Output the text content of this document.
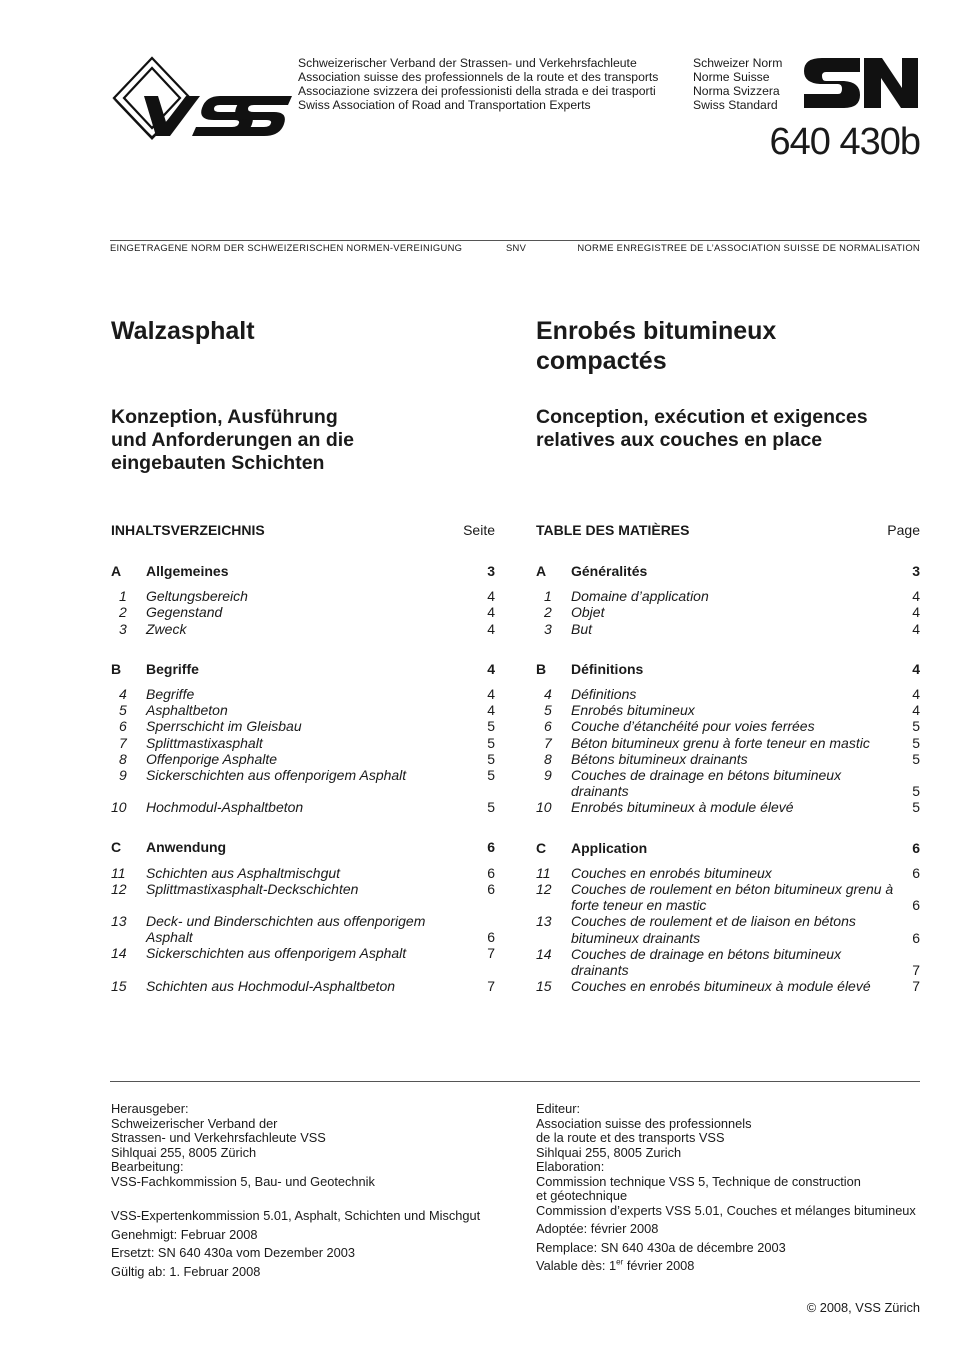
Schweizerischer Verband der Strassen- und Verkehrsfachleute
Association suisse des professionnels de la route et des transports
Associazione svizzera dei professionisti della strada e dei trasporti
Swiss Association of Road and Transportation Experts
Schweizer Norm
Norme Suisse
Norma Svizzera
Swiss Standard
640 430b
EINGETRAGENE NORM DER SCHWEIZERISCHEN NORMEN-VEREINIGUNG	SNV	NORME ENREGISTREE DE L’ASSOCIATION SUISSE DE NORMALISATION
Walzasphalt
Konzeption, Ausführung
und Anforderungen an die
eingebauten Schichten
Enrobés bitumineux
compactés
Conception, exécution et exigences
relatives aux couches en place
INHALTSVERZEICHNIS	Seite
A	Allgemeines	3
1	Geltungsbereich	4
2	Gegenstand	4
3	Zweck	4
B	Begriffe	4
4	Begriffe	4
5	Asphaltbeton	4
6	Sperrschicht im Gleisbau	5
7	Splittmastixasphalt	5
8	Offenporige Asphalte	5
9	Sickerschichten aus offenporigem Asphalt	5
10	Hochmodul-Asphaltbeton	5
C	Anwendung	6
11	Schichten aus Asphaltmischgut	6
12	Splittmastixasphalt-Deckschichten	6
13	Deck- und Binderschichten aus offenporigem Asphalt	6
14	Sickerschichten aus offenporigem Asphalt	7
15	Schichten aus Hochmodul-Asphaltbeton	7
TABLE DES MATIÈRES	Page
A	Généralités	3
1	Domaine d’application	4
2	Objet	4
3	But	4
B	Définitions	4
4	Définitions	4
5	Enrobés bitumineux	4
6	Couche d’étanchéité pour voies ferrées	5
7	Béton bitumineux grenu à forte teneur en mastic	5
8	Bétons bitumineux drainants	5
9	Couches de drainage en bétons bitumineux drainants	5
10	Enrobés bitumineux à module élevé	5
C	Application	6
11	Couches en enrobés bitumineux	6
12	Couches de roulement en béton bitumineux grenu à forte teneur en mastic	6
13	Couches de roulement et de liaison en bétons bitumineux drainants	6
14	Couches de drainage en bétons bitumineux drainants	7
15	Couches en enrobés bitumineux à module élevé	7
Herausgeber:
Schweizerischer Verband der
Strassen- und Verkehrsfachleute VSS
Sihlquai 255, 8005 Zürich
Bearbeitung:
VSS-Fachkommission 5, Bau- und Geotechnik
VSS-Expertenkommission 5.01, Asphalt, Schichten und Mischgut
Genehmigt: Februar 2008
Ersetzt: SN 640 430a vom Dezember 2003
Gültig ab: 1. Februar 2008
Editeur:
Association suisse des professionnels
de la route et des transports VSS
Sihlquai 255, 8005 Zurich
Elaboration:
Commission technique VSS 5, Technique de construction
et géotechnique
Commission d’experts VSS 5.01, Couches et mélanges bitumineux
Adoptée: février 2008
Remplace: SN 640 430a de décembre 2003
Valable dès: 1er février 2008
© 2008, VSS Zürich
